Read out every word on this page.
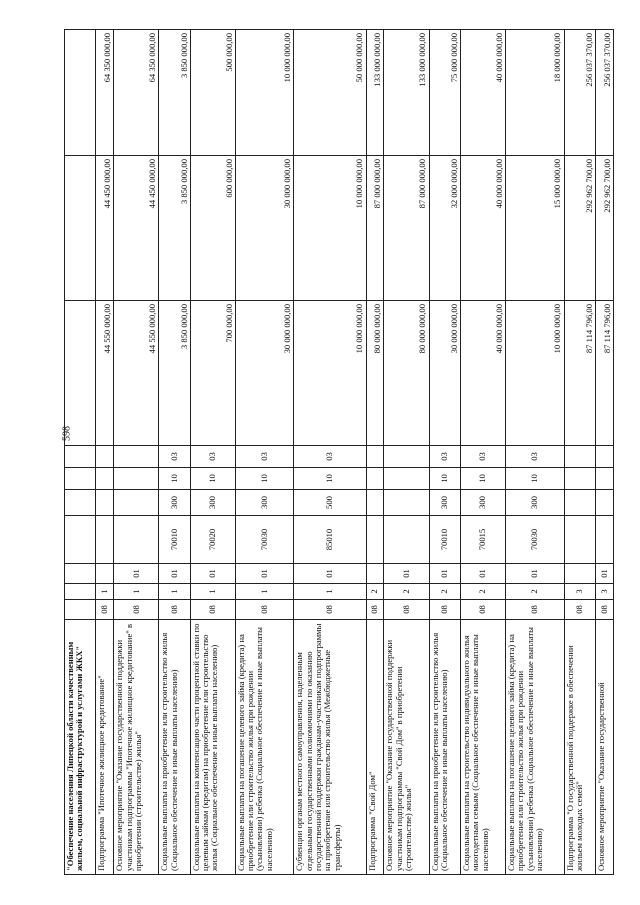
598
"Обеспечение населения Липецкой области качественным жильем, социальной инфраструктурой и услугами ЖКХ"										
Подпрограмма "Ипотечное жилищное кредитование"	08	1						44 550 000,00	44 450 000,00	64 350 000,00
Основное мероприятие "Оказание государственной поддержки участникам подпрограммы "Ипотечное жилищное кредитование" в приобретении (строительстве) жилья"	08	1	01					44 550 000,00	44 450 000,00	64 350 000,00
Социальные выплаты на приобретение или строительство жилья (Социальное обеспечение и иные выплаты населению)	08	1	01	70010	300	10	03	3 850 000,00	3 850 000,00	3 850 000,00
Социальные выплаты на компенсацию части процентной ставки по целевым займам (кредитам) на приобретение или строительство жилья (Социальное обеспечение и иные выплаты населению)	08	1	01	70020	300	10	03	700 000,00	600 000,00	500 000,00
Социальные выплаты на погашение целевого займа (кредита) на приобретение или строительство жилья при рождении (усыновлении) ребенка (Социальное обеспечение и иные выплаты населению)	08	1	01	70030	300	10	03	30 000 000,00	30 000 000,00	10 000 000,00
Субвенции органам местного самоуправления, наделенным отдельными государственными полномочиями по оказанию государственной поддержки гражданам-участникам подпрограммы на приобретение или строительство жилья (Межбюджетные трансферты)	08	1	01	85010	500	10	03	10 000 000,00	10 000 000,00	50 000 000,00
Подпрограмма "Свой Дом"	08	2						80 000 000,00	87 000 000,00	133 000 000,00
Основное мероприятие "Оказание государственной поддержки участникам подпрограммы "Свой Дом" в приобретении (строительстве) жилья"	08	2	01					80 000 000,00	87 000 000,00	133 000 000,00
Социальные выплаты на приобретение или строительство жилья (Социальное обеспечение и иные выплаты населению)	08	2	01	70010	300	10	03	30 000 000,00	32 000 000,00	75 000 000,00
Социальные выплаты на строительство индивидуального жилья многодетным семьям (Социальное обеспечение и иные выплаты населению)	08	2	01	70015	300	10	03	40 000 000,00	40 000 000,00	40 000 000,00
Социальные выплаты на погашение целевого займа (кредита) на приобретение или строительство жилья при рождении (усыновлении) ребенка (Социальное обеспечение и иные выплаты населению)	08	2	01	70030	300	10	03	10 000 000,00	15 000 000,00	18 000 000,00
Подпрограмма "О государственной поддержке в обеспечении жильем молодых семей"	08	3						87 114 796,00	292 962 700,00	256 037 370,00
Основное мероприятие "Оказание государственной	08	3	01					87 114 796,00	292 962 700,00	256 037 370,00
